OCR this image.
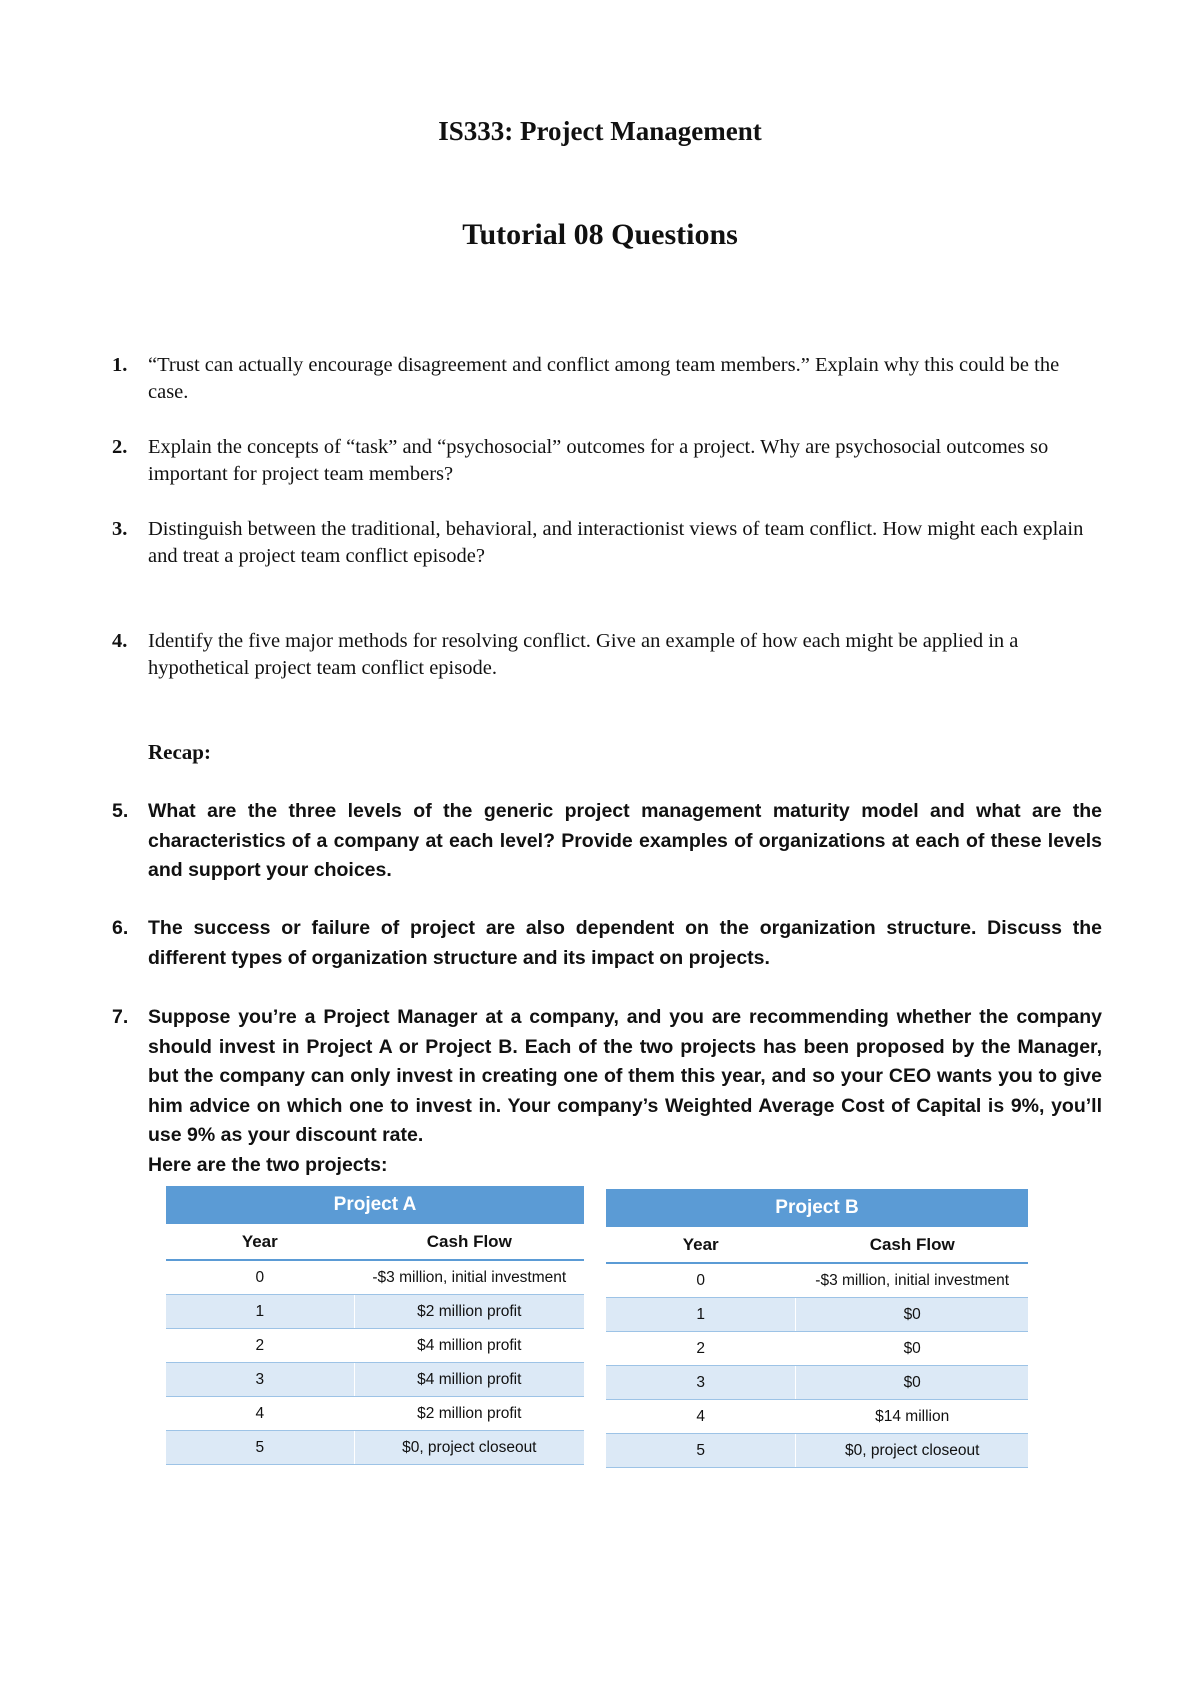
IS333: Project Management
Tutorial 08 Questions
1.	“Trust can actually encourage disagreement and conflict among team members.” Explain why this could be the case.
2.	Explain the concepts of “task” and “psychosocial” outcomes for a project. Why are psychosocial outcomes so important for project team members?
3.	Distinguish between the traditional, behavioral, and interactionist views of team conflict. How might each explain and treat a project team conflict episode?
4.	Identify the five major methods for resolving conflict. Give an example of how each might be applied in a hypothetical project team conflict episode.
Recap:
5.	What are the three levels of the generic project management maturity model and what are the characteristics of a company at each level? Provide examples of organizations at each of these levels and support your choices.
6.	The success or failure of project are also dependent on the organization structure. Discuss the different types of organization structure and its impact on projects.
7.	Suppose you’re a Project Manager at a company, and you are recommending whether the company should invest in Project A or Project B. Each of the two projects has been proposed by the Manager, but the company can only invest in creating one of them this year, and so your CEO wants you to give him advice on which one to invest in. Your company’s Weighted Average Cost of Capital is 9%, you’ll use 9% as your discount rate.
Here are the two projects:
Project A	
Year	Cash Flow
0	-$3 million, initial investment
1	$2 million profit
2	$4 million profit
3	$4 million profit
4	$2 million profit
5	$0, project closeout
Project B	
Year	Cash Flow
0	-$3 million, initial investment
1	$0
2	$0
3	$0
4	$14 million
5	$0, project closeout
